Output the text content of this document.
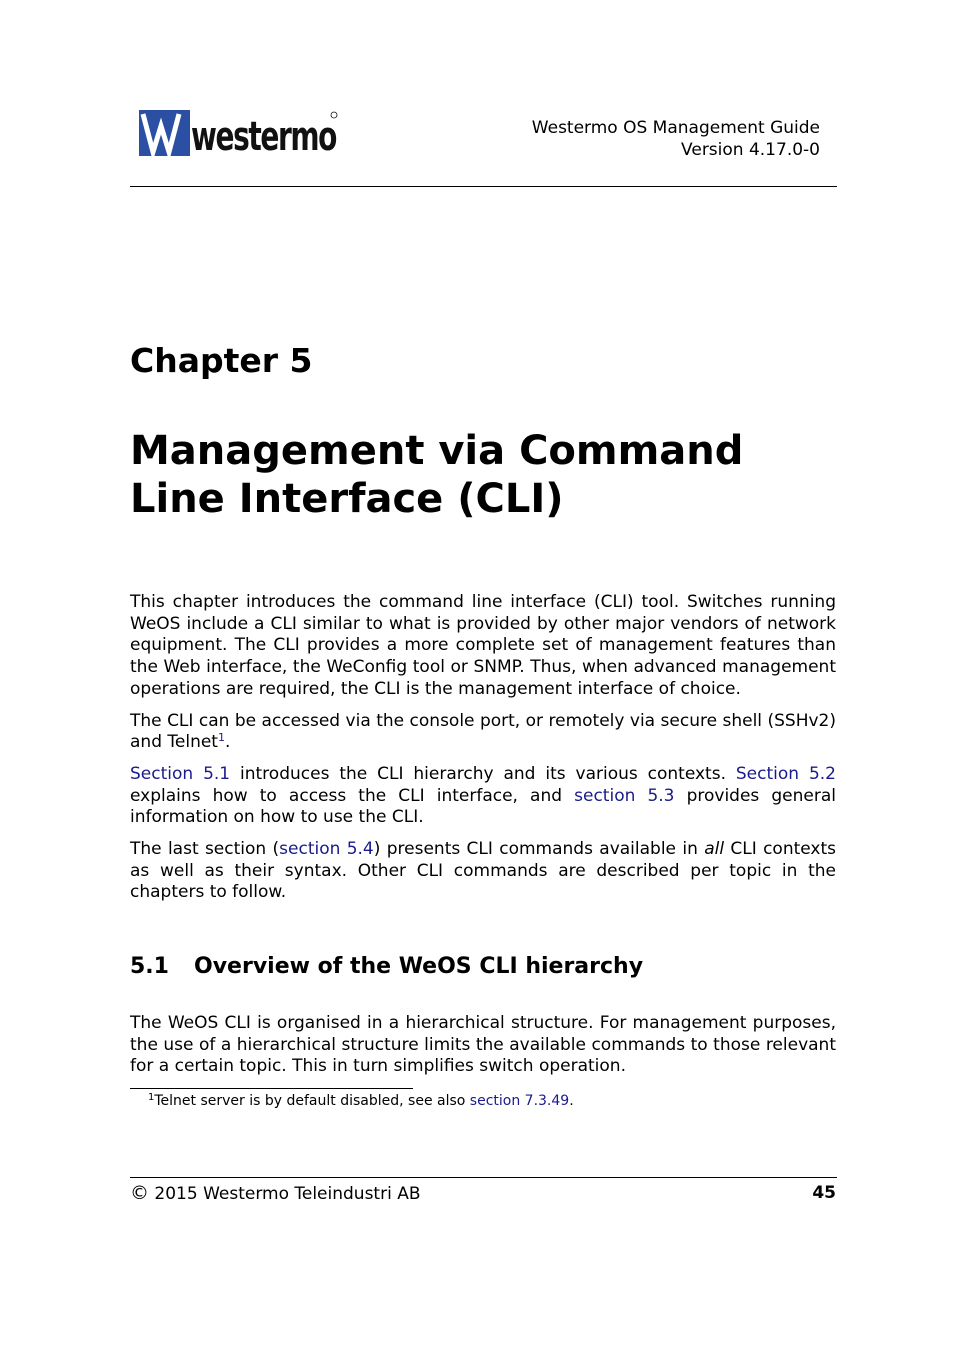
westermo	Westermo OS Management Guide
Version 4.17.0-0
Chapter 5
Management via Command
Line Interface (CLI)

This chapter introduces the command line interface (CLI) tool. Switches running WeOS include a CLI similar to what is provided by other major vendors of network equipment. The CLI provides a more complete set of management features than the Web interface, the WeConfig tool or SNMP. Thus, when advanced management operations are required, the CLI is the management interface of choice.

The CLI can be accessed via the console port, or remotely via secure shell (SSHv2) and Telnet$^1$.

Section 5.1 introduces the CLI hierarchy and its various contexts. Section 5.2 explains how to access the CLI interface, and section 5.3 provides general information on how to use the CLI.

The last section (section 5.4) presents CLI commands available in all CLI contexts as well as their syntax. Other CLI commands are described per topic in the chapters to follow.

5.1 Overview of the WeOS CLI hierarchy

The WeOS CLI is organised in a hierarchical structure. For management purposes, the use of a hierarchical structure limits the available commands to those relevant for a certain topic. This in turn simplifies switch operation.

$^1$Telnet server is by default disabled, see also section 7.3.49.
© 2015 Westermo Teleindustri AB	45
